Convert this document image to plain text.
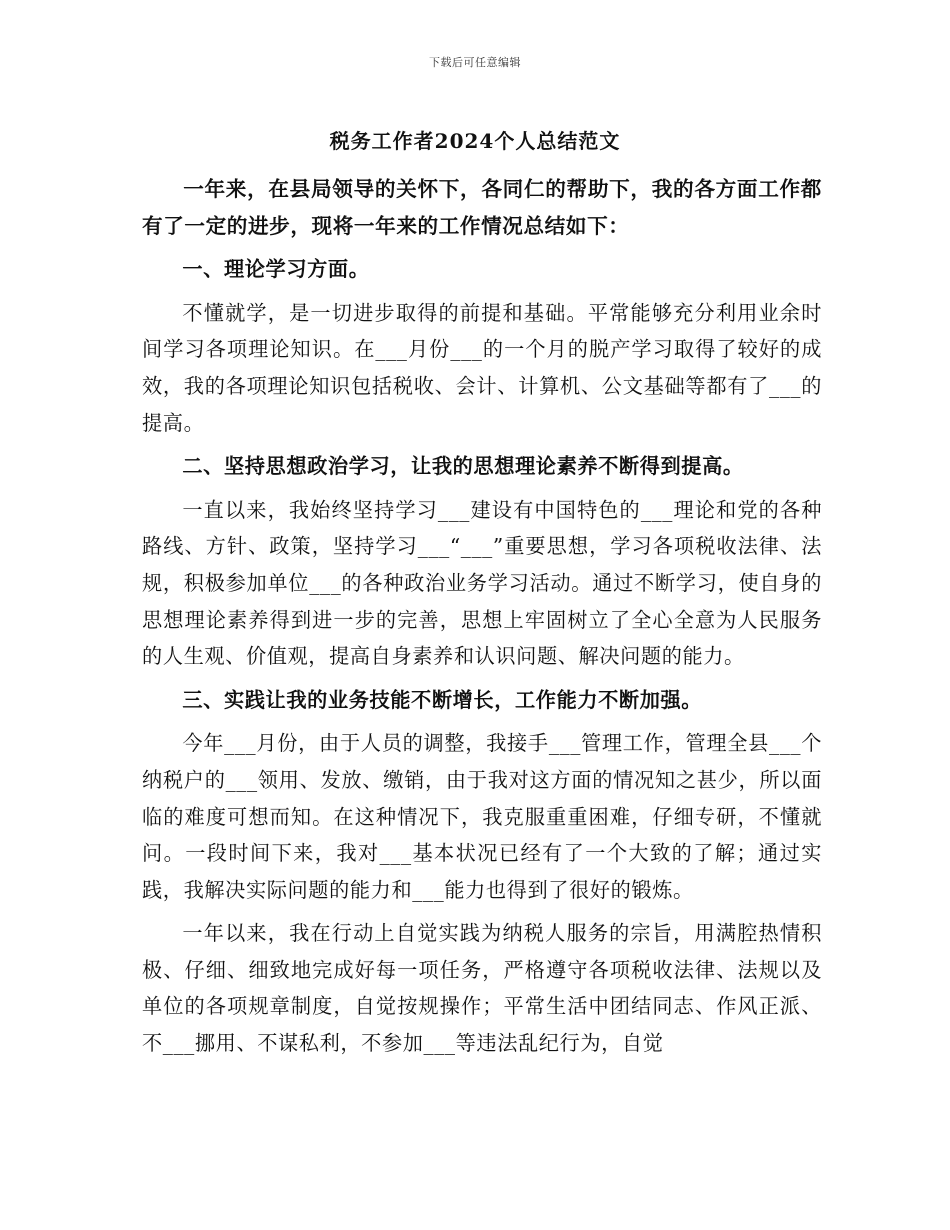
下载后可任意编辑
税务工作者2024个人总结范文

一年来，在县局领导的关怀下，各同仁的帮助下，我的各方面工作都有了一定的进步，现将一年来的工作情况总结如下：

一、理论学习方面。

不懂就学，是一切进步取得的前提和基础。平常能够充分利用业余时间学习各项理论知识。在___月份___的一个月的脱产学习取得了较好的成效，我的各项理论知识包括税收、会计、计算机、公文基础等都有了___的提高。

二、坚持思想政治学习，让我的思想理论素养不断得到提高。

一直以来，我始终坚持学习___建设有中国特色的___理论和党的各种路线、方针、政策，坚持学习___“___”重要思想，学习各项税收法律、法规，积极参加单位___的各种政治业务学习活动。通过不断学习，使自身的思想理论素养得到进一步的完善，思想上牢固树立了全心全意为人民服务的人生观、价值观，提高自身素养和认识问题、解决问题的能力。

三、实践让我的业务技能不断增长，工作能力不断加强。

今年___月份，由于人员的调整，我接手___管理工作，管理全县___个纳税户的___领用、发放、缴销，由于我对这方面的情况知之甚少，所以面临的难度可想而知。在这种情况下，我克服重重困难，仔细专研，不懂就问。一段时间下来，我对___基本状况已经有了一个大致的了解；通过实践，我解决实际问题的能力和___能力也得到了很好的锻炼。

一年以来，我在行动上自觉实践为纳税人服务的宗旨，用满腔热情积极、仔细、细致地完成好每一项任务，严格遵守各项税收法律、法规以及单位的各项规章制度，自觉按规操作；平常生活中团结同志、作风正派、不___挪用、不谋私利，不参加___等违法乱纪行为，自觉
